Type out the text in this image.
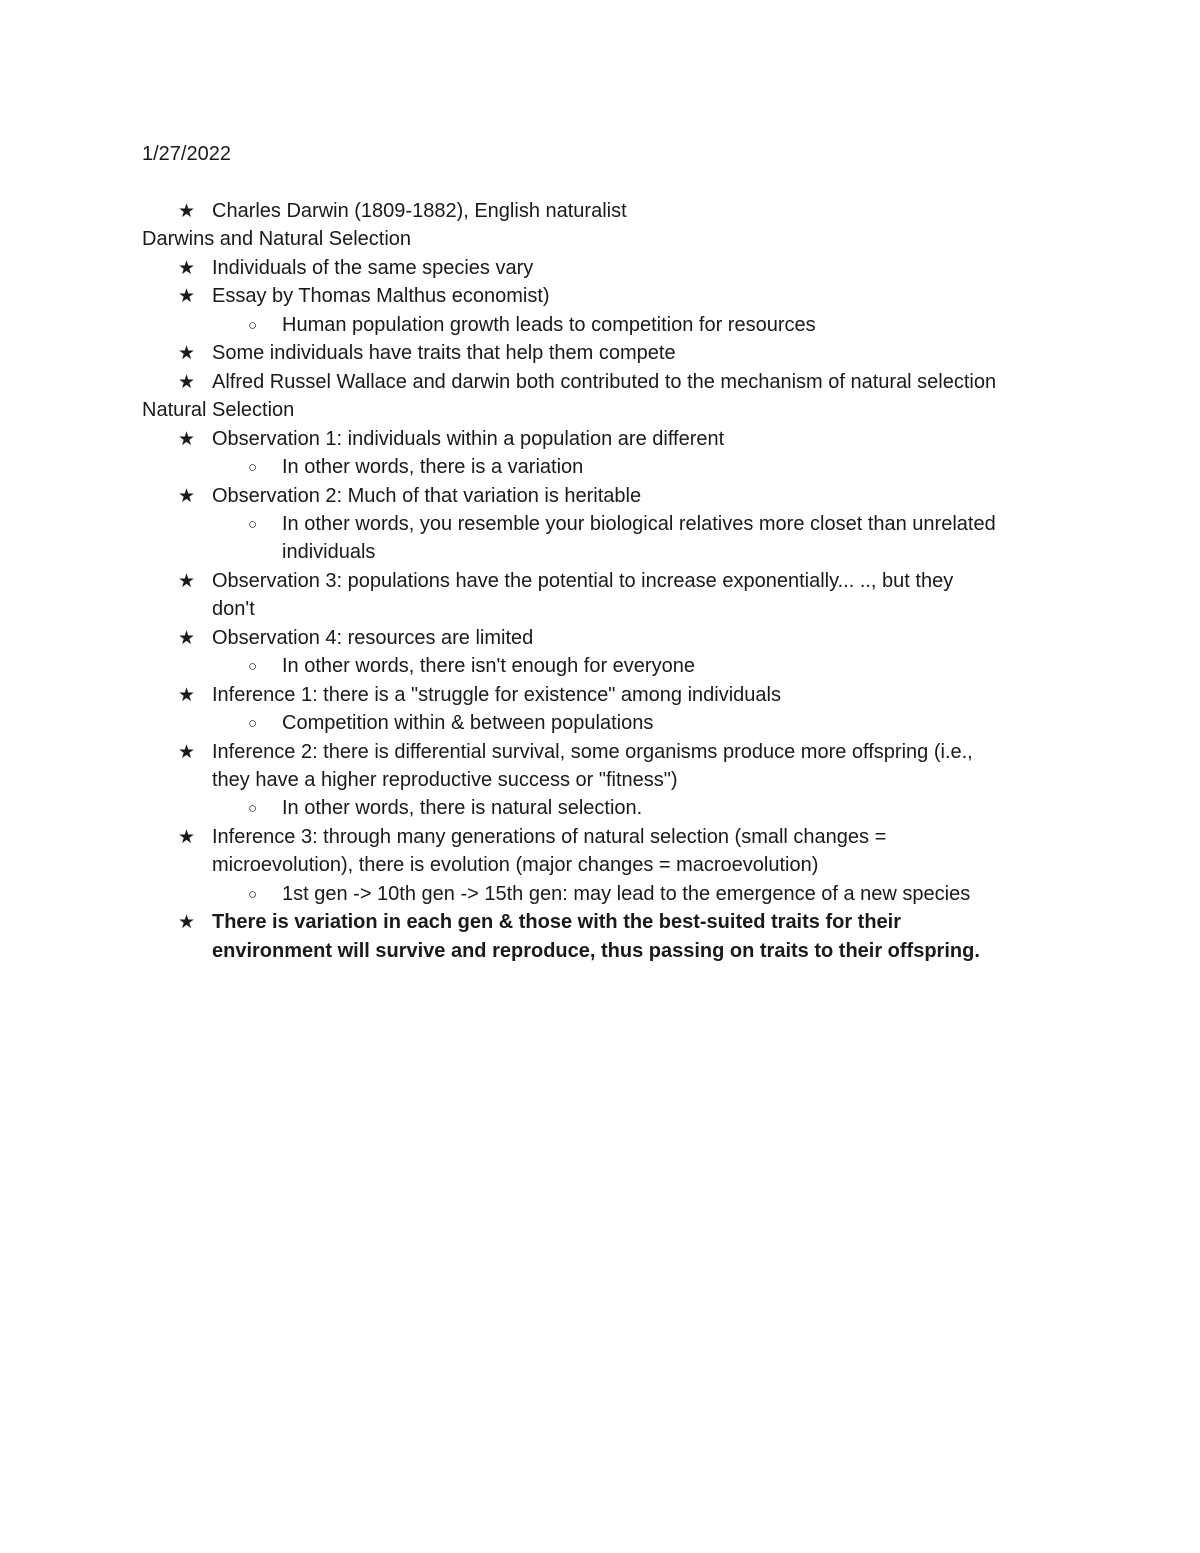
1/27/2022
★ Charles Darwin (1809-1882), English naturalist
Darwins and Natural Selection
★ Individuals of the same species vary
★ Essay by Thomas Malthus economist)
○ Human population growth leads to competition for resources
★ Some individuals have traits that help them compete
★ Alfred Russel Wallace and darwin both contributed to the mechanism of natural selection
Natural Selection
★ Observation 1: individuals within a population are different
○ In other words, there is a variation
★ Observation 2: Much of that variation is heritable
○ In other words, you resemble your biological relatives more closet than unrelated
individuals
★ Observation 3: populations have the potential to increase exponentially... .., but they
don't
★ Observation 4: resources are limited
○ In other words, there isn't enough for everyone
★ Inference 1: there is a "struggle for existence" among individuals
○ Competition within & between populations
★ Inference 2: there is differential survival, some organisms produce more offspring (i.e.,
they have a higher reproductive success or "fitness")
○ In other words, there is natural selection.
★ Inference 3: through many generations of natural selection (small changes =
microevolution), there is evolution (major changes = macroevolution)
○ 1st gen -> 10th gen -> 15th gen: may lead to the emergence of a new species
★ There is variation in each gen & those with the best-suited traits for their
environment will survive and reproduce, thus passing on traits to their offspring.
